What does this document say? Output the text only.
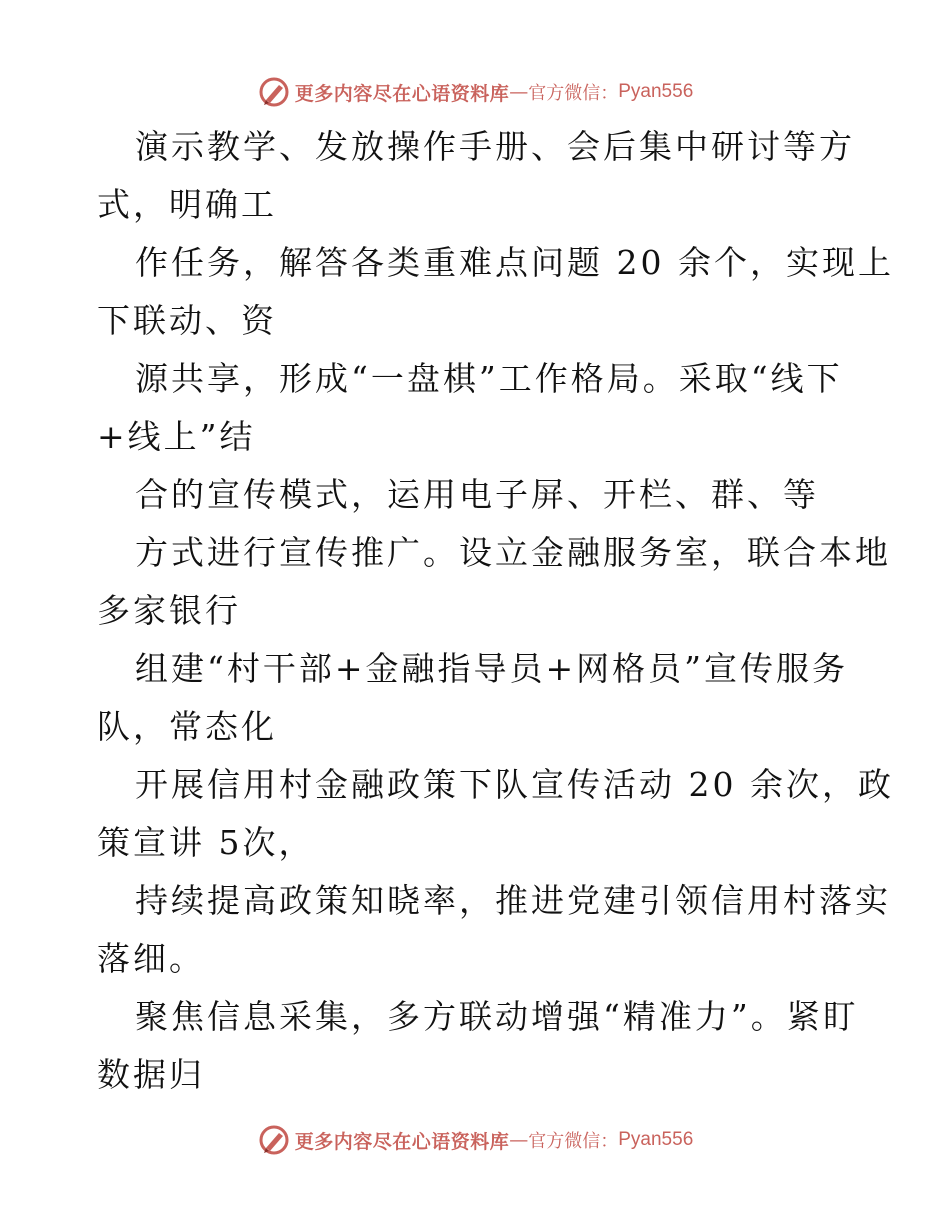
更多内容尽在心语资料库 — 官方微信： Pyan556
演示教学、发放操作手册、会后集中研讨等方
式，明确工
作任务，解答各类重难点问题 20 余个，实现上
下联动、资
源共享，形成“一盘棋”工作格局。采取“线下
+线上”结
合的宣传模式，运用电子屏、开栏、群、等
方式进行宣传推广。设立金融服务室，联合本地
多家银行
组建“村干部+金融指导员+网格员”宣传服务
队，常态化
开展信用村金融政策下队宣传活动 20 余次，政
策宣讲 5次，
持续提高政策知晓率，推进党建引领信用村落实
落细。
聚焦信息采集，多方联动增强“精准力”。紧盯
数据归
更多内容尽在心语资料库 — 官方微信： Pyan556
